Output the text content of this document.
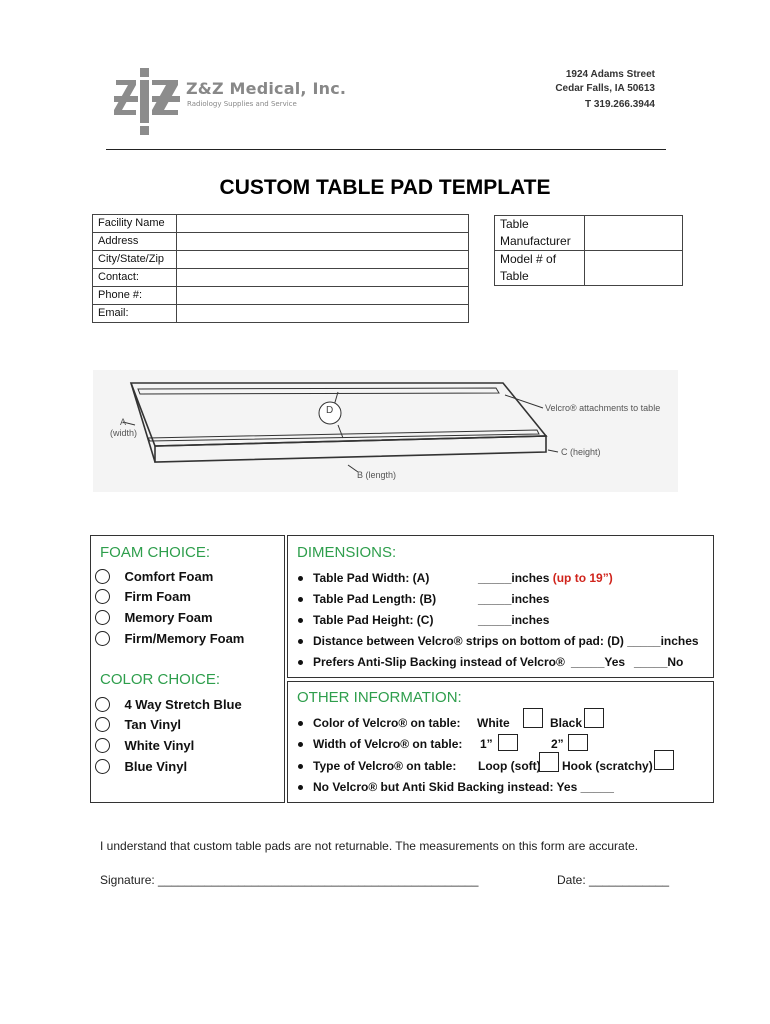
Z&Z Medical, Inc.
Radiology Supplies and Service
1924 Adams Street
Cedar Falls, IA 50613
T 319.266.3944
CUSTOM TABLE PAD TEMPLATE
Facility Name	
Address	
City/State/Zip	
Contact:	
Phone #:	
Email:	
Table
Manufacturer	

Model # of
Table	

D
A
(width)
B (length)
C (height)
Velcro® attachments to table
FOAM CHOICE:
Comfort Foam
Firm Foam
Memory Foam
Firm/Memory Foam
COLOR CHOICE:
4 Way Stretch Blue
Tan Vinyl
White Vinyl
Blue Vinyl
DIMENSIONS:
Table Pad Width: (A)	_____inches (up to 19”)
Table Pad Length: (B)	_____inches
Table Pad Height: (C)	_____inches
Distance between Velcro® strips on bottom of pad: (D) _____inches
Prefers Anti-Slip Backing instead of Velcro® _____Yes _____No
OTHER INFORMATION:
Color of Velcro® on table: White	Black
Width of Velcro® on table: 1”	2”
Type of Velcro® on table: Loop (soft) Hook (scratchy)
No Velcro® but Anti Skid Backing instead: Yes _____
I understand that custom table pads are not returnable. The measurements on this form are accurate.
Signature: ________________________________________________	Date: ____________
